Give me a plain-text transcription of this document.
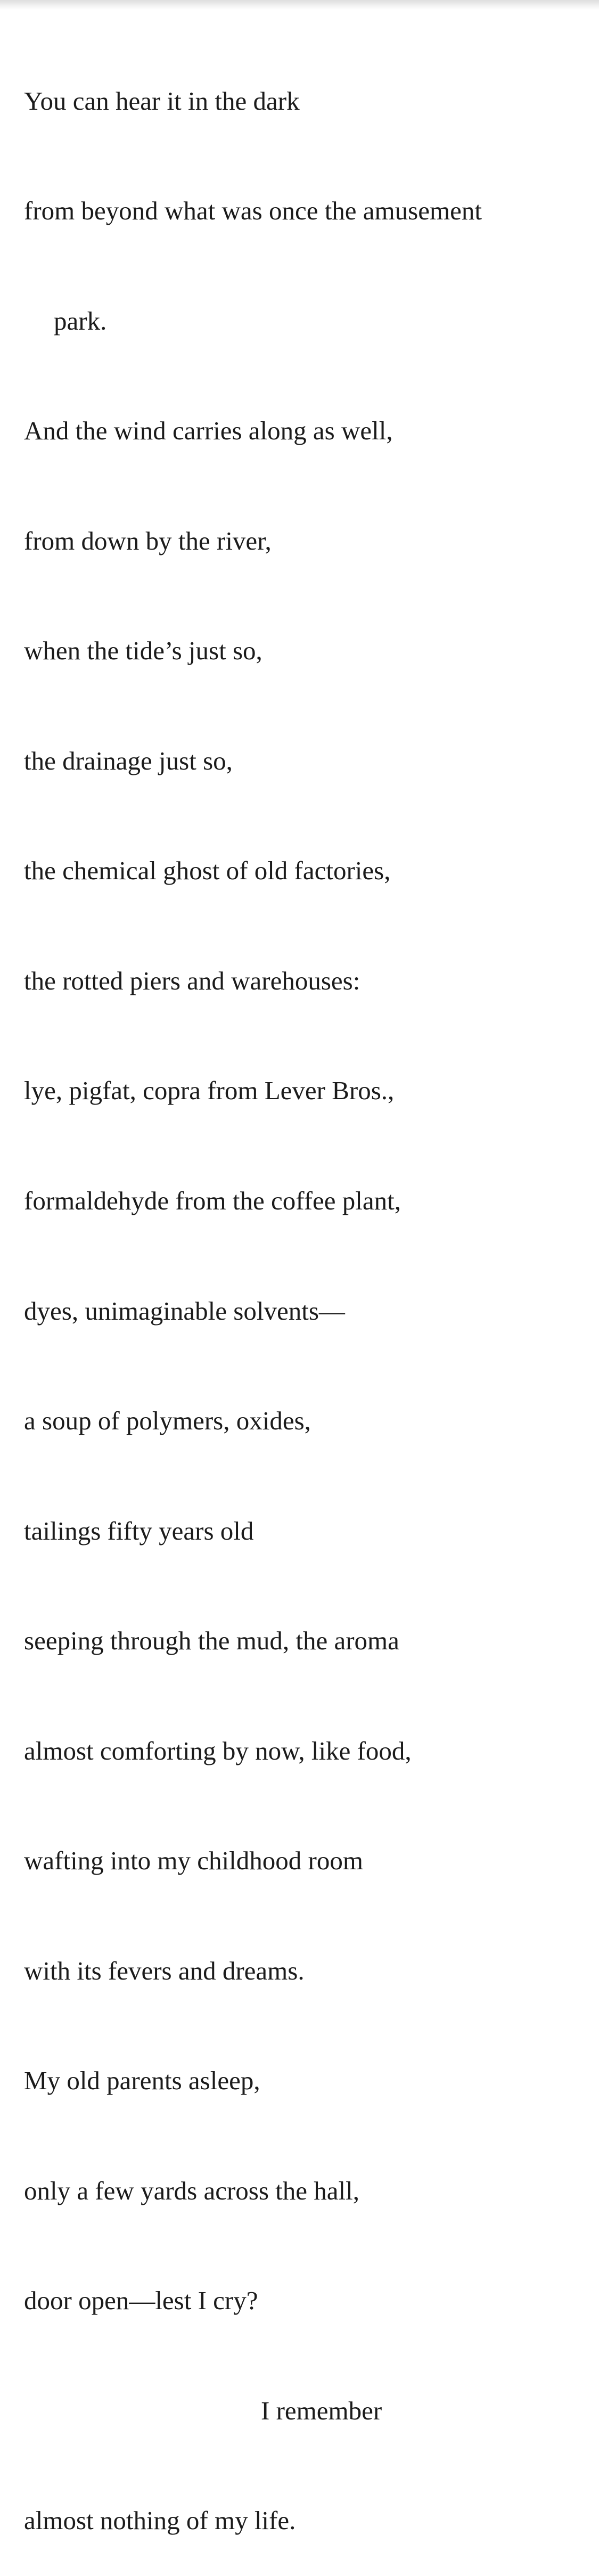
You can hear it in the dark

from beyond what was once the amusement

park.

And the wind carries along as well,

from down by the river,

when the tide’s just so,

the drainage just so,

the chemical ghost of old factories,

the rotted piers and warehouses:

lye, pigfat, copra from Lever Bros.,

formaldehyde from the coffee plant,

dyes, unimaginable solvents—

a soup of polymers, oxides,

tailings fifty years old

seeping through the mud, the aroma

almost comforting by now, like food,

wafting into my childhood room

with its fevers and dreams.

My old parents asleep,

only a few yards across the hall,

door open—lest I cry?

I remember

almost nothing of my life.
